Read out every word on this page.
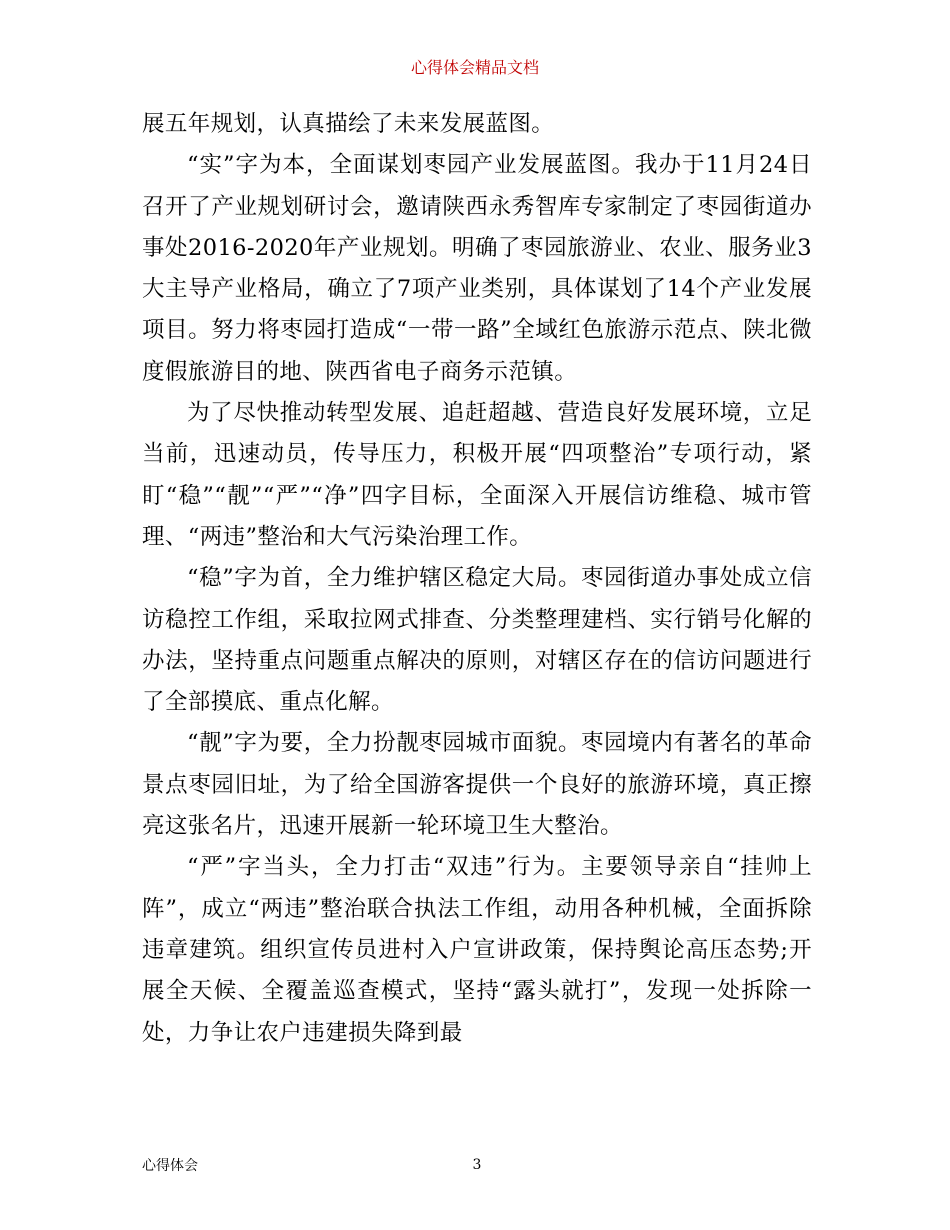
心得体会精品文档

展五年规划，认真描绘了未来发展蓝图。

“实”字为本，全面谋划枣园产业发展蓝图。我办于11月24日召开了产业规划研讨会，邀请陕西永秀智库专家制定了枣园街道办事处2016-2020年产业规划。明确了枣园旅游业、农业、服务业3大主导产业格局，确立了7项产业类别，具体谋划了14个产业发展项目。努力将枣园打造成“一带一路”全域红色旅游示范点、陕北微度假旅游目的地、陕西省电子商务示范镇。

为了尽快推动转型发展、追赶超越、营造良好发展环境，立足当前，迅速动员，传导压力，积极开展“四项整治”专项行动，紧盯“稳”“靓”“严”“净”四字目标，全面深入开展信访维稳、城市管理、“两违”整治和大气污染治理工作。

“稳”字为首，全力维护辖区稳定大局。枣园街道办事处成立信访稳控工作组，采取拉网式排查、分类整理建档、实行销号化解的办法，坚持重点问题重点解决的原则，对辖区存在的信访问题进行了全部摸底、重点化解。

“靓”字为要，全力扮靓枣园城市面貌。枣园境内有著名的革命景点枣园旧址，为了给全国游客提供一个良好的旅游环境，真正擦亮这张名片，迅速开展新一轮环境卫生大整治。

“严”字当头，全力打击“双违”行为。主要领导亲自“挂帅上阵”，成立“两违”整治联合执法工作组，动用各种机械，全面拆除违章建筑。组织宣传员进村入户宣讲政策，保持舆论高压态势;开展全天候、全覆盖巡查模式，坚持“露头就打”，发现一处拆除一处，力争让农户违建损失降到最

心得体会	3
